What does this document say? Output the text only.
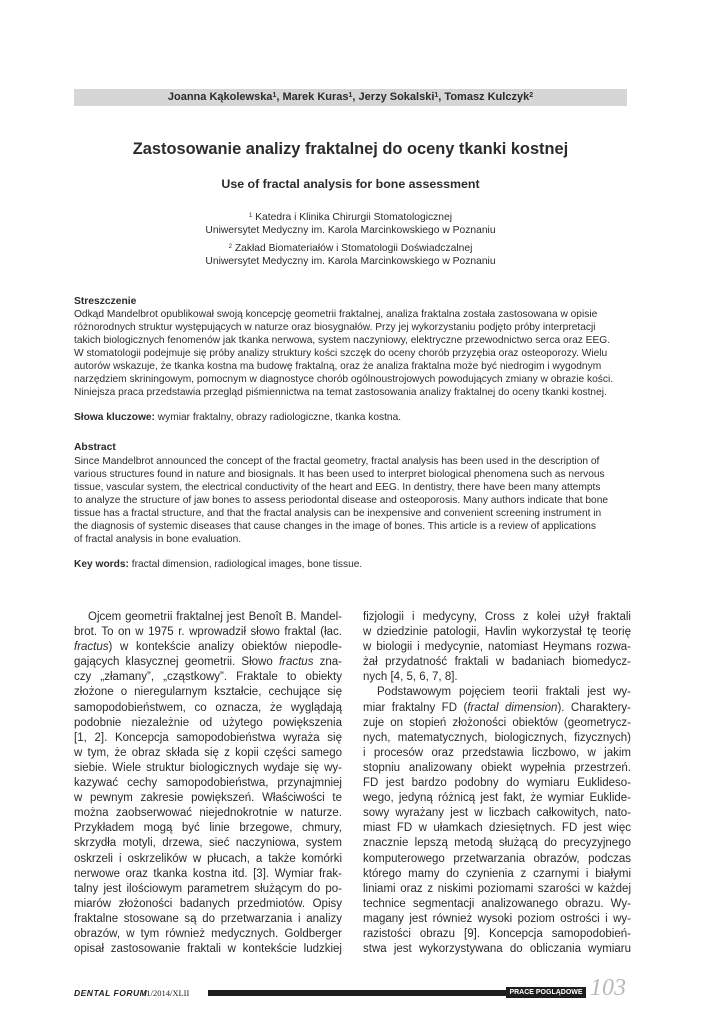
Joanna Kąkolewska$^1$, Marek Kuras$^1$, Jerzy Sokalski$^1$, Tomasz Kulczyk$^2$
Zastosowanie analizy fraktalnej do oceny tkanki kostnej
Use of fractal analysis for bone assessment
$^1$ Katedra i Klinika Chirurgii Stomatologicznej
Uniwersytet Medyczny im. Karola Marcinkowskiego w Poznaniu
$^2$ Zakład Biomateriałów i Stomatologii Doświadczalnej
Uniwersytet Medyczny im. Karola Marcinkowskiego w Poznaniu
Streszczenie
Odkąd Mandelbrot opublikował swoją koncepcję geometrii fraktalnej, analiza fraktalna została zastosowana w opisie
różnorodnych struktur występujących w naturze oraz biosygnałów. Przy jej wykorzystaniu podjęto próby interpretacji
takich biologicznych fenomenów jak tkanka nerwowa, system naczyniowy, elektryczne przewodnictwo serca oraz EEG.
W stomatologii podejmuje się próby analizy struktury kości szczęk do oceny chorób przyzębia oraz osteoporozy. Wielu
autorów wskazuje, że tkanka kostna ma budowę fraktalną, oraz że analiza fraktalna może być niedrogim i wygodnym
narzędziem skriningowym, pomocnym w diagnostyce chorób ogólnoustrojowych powodujących zmiany w obrazie kości.
Niniejsza praca przedstawia przegląd piśmiennictwa na temat zastosowania analizy fraktalnej do oceny tkanki kostnej.
Słowa kluczowe: wymiar fraktalny, obrazy radiologiczne, tkanka kostna.
Abstract
Since Mandelbrot announced the concept of the fractal geometry, fractal analysis has been used in the description of
various structures found in nature and biosignals. It has been used to interpret biological phenomena such as nervous
tissue, vascular system, the electrical conductivity of the heart and EEG. In dentistry, there have been many attempts
to analyze the structure of jaw bones to assess periodontal disease and osteoporosis. Many authors indicate that bone
tissue has a fractal structure, and that the fractal analysis can be inexpensive and convenient screening instrument in
the diagnosis of systemic diseases that cause changes in the image of bones. This article is a review of applications
of fractal analysis in bone evaluation.
Key words: fractal dimension, radiological images, bone tissue.
Ojcem geometrii fraktalnej jest Benoît B. Mandel-
brot. To on w 1975 r. wprowadził słowo fraktal (łac.
fractus) w kontekście analizy obiektów niepodle-
gających klasycznej geometrii. Słowo fractus zna-
czy „złamany”, „cząstkowy”. Fraktale to obiekty
złożone o nieregularnym kształcie, cechujące się
samopodobieństwem, co oznacza, że wyglądają
podobnie niezależnie od użytego powiększenia
[1, 2]. Koncepcja samopodobieństwa wyraża się
w tym, że obraz składa się z kopii części samego
siebie. Wiele struktur biologicznych wydaje się wy-
kazywać cechy samopodobieństwa, przynajmniej
w pewnym zakresie powiększeń. Właściwości te
można zaobserwować niejednokrotnie w naturze.
Przykładem mogą być linie brzegowe, chmury,
skrzydła motyli, drzewa, sieć naczyniowa, system
oskrzeli i oskrzelików w płucach, a także komórki
nerwowe oraz tkanka kostna itd. [3]. Wymiar frak-
talny jest ilościowym parametrem służącym do po-
miarów złożoności badanych przedmiotów. Opisy
fraktalne stosowane są do przetwarzania i analizy
obrazów, w tym również medycznych. Goldberger
opisał zastosowanie fraktali w kontekście ludzkiej
fizjologii i medycyny, Cross z kolei użył fraktali
w dziedzinie patologii, Havlin wykorzystał tę teorię
w biologii i medycynie, natomiast Heymans rozwa-
żał przydatność fraktali w badaniach biomedycz-
nych [4, 5, 6, 7, 8].
Podstawowym pojęciem teorii fraktali jest wy-
miar fraktalny FD (fractal dimension). Charaktery-
zuje on stopień złożoności obiektów (geometrycz-
nych, matematycznych, biologicznych, fizycznych)
i procesów oraz przedstawia liczbowo, w jakim
stopniu analizowany obiekt wypełnia przestrzeń.
FD jest bardzo podobny do wymiaru Euklideso-
wego, jedyną różnicą jest fakt, że wymiar Euklide-
sowy wyrażany jest w liczbach całkowitych, nato-
miast FD w ułamkach dziesiętnych. FD jest więc
znacznie lepszą metodą służącą do precyzyjnego
komputerowego przetwarzania obrazów, podczas
którego mamy do czynienia z czarnymi i białymi
liniami oraz z niskimi poziomami szarości w każdej
technice segmentacji analizowanego obrazu. Wy-
magany jest również wysoki poziom ostrości i wy-
razistości obrazu [9]. Koncepcja samopodobień-
stwa jest wykorzystywana do obliczania wymiaru
DENTAL FORUM
/1/2014/XLII	PRACE POGLĄDOWE 103
